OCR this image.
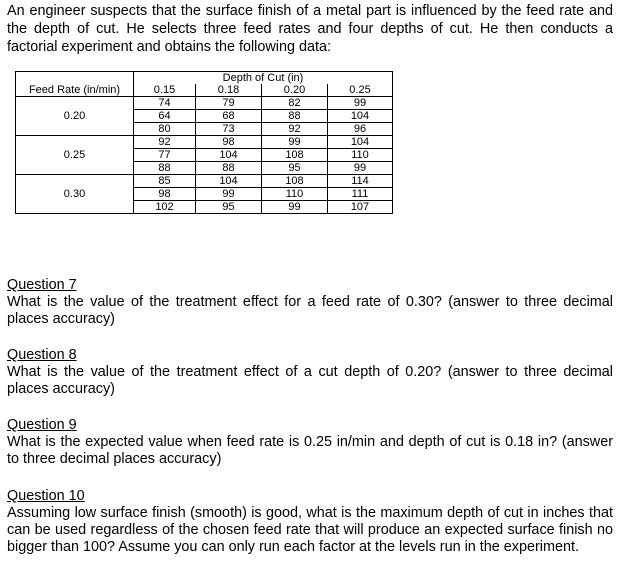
An engineer suspects that the surface finish of a metal part is influenced by the feed rate and the depth of cut. He selects three feed rates and four depths of cut. He then conducts a factorial experiment and obtains the following data:
	Depth of Cut (in)			
Feed Rate (in/min)	0.15	0.18	0.20	0.25
	74	79	82	99
0.20	64	68	88	104
	80	73	92	96
	92	98	99	104
0.25	77	104	108	110
	88	88	95	99
	85	104	108	114
0.30	98	99	110	111
	102	95	99	107
Question 7
What is the value of the treatment effect for a feed rate of 0.30? (answer to three decimal places accuracy)
Question 8
What is the value of the treatment effect of a cut depth of 0.20? (answer to three decimal places accuracy)
Question 9
What is the expected value when feed rate is 0.25 in/min and depth of cut is 0.18 in? (answer to three decimal places accuracy)
Question 10
Assuming low surface finish (smooth) is good, what is the maximum depth of cut in inches that can be used regardless of the chosen feed rate that will produce an expected surface finish no bigger than 100? Assume you can only run each factor at the levels run in the experiment.
